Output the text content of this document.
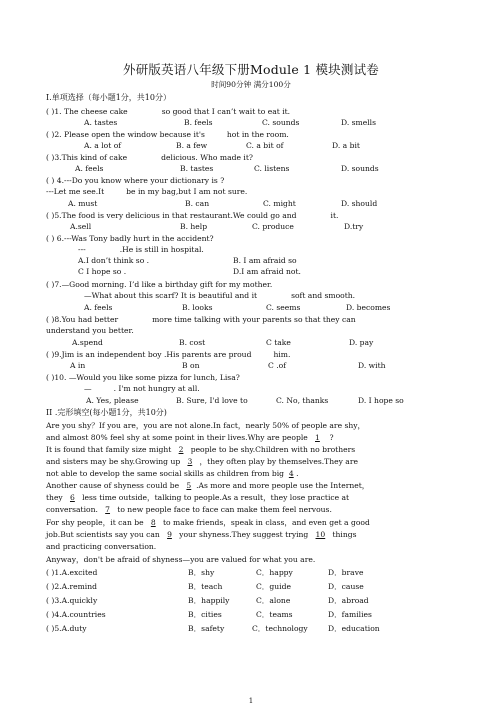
外研版英语八年级下册Module 1 模块测试卷
时间90分钟 满分100分
I.单项选择（每小题1分，共10分）
( )1. The cheese cake	so good that I can’t wait to eat it.
A. tastes	B. feels	C. sounds	D. smells
( )2. Please open the window because it's	hot in the room.
A. a lot of	B. a few	C. a bit of	D. a bit
( )3.This kind of cake	delicious. Who made it?
A. feels	B. tastes	C. listens	D. sounds
( ) 4.---Do you know where your dictionary is ?
---Let me see.It	be in my bag,but I am not sure.
A. must	B. can	C. might	D. should
( )5.The food is very delicious in that restaurant.We could go and	it.
A.sell	B. help	C. produce	D.try
( ) 6.---Was Tony badly hurt in the accident?
---	.He is still in hospital.
A.I don’t think so .	B. I am afraid so
C I hope so .	D.I am afraid not.
( )7.—Good morning. I’d like a birthday gift for my mother.
—What about this scarf? It is beautiful and it	soft and smooth.
A. feels	B. looks	C. seems	D. becomes
( )8.You had better	more time talking with your parents so that they can
understand you better.
A.spend	B. cost	C take	D. pay
( )9.Jim is an independent boy .His parents are proud	him.
A in	B on	C .of	D. with
( )10. —Would you like some pizza for lunch, Lisa?
—	. I'm not hungry at all.
A. Yes, please	B. Sure, I'd love to	C. No, thanks	D. I hope so
II .完形填空(每小题1分，共10分)
Are you shy？If you are，you are not alone.In fact，nearly 50% of people are shy，
and almost 80% feel shy at some point in their lives.Why are people 1 ?
It is found that family size might 2 people to be shy.Children with no brothers
and sisters may be shy.Growing up 3 ，they often play by themselves.They are
not able to develop the same social skills as children from big 4 .
Another cause of shyness could be 5 .As more and more people use the Internet，
they 6 less time outside，talking to people.As a result，they lose practice at
conversation. 7 to new people face to face can make them feel nervous.
For shy people，it can be 8 to make friends，speak in class，and even get a good
job.But scientists say you can 9 your shyness.They suggest trying 10 things
and practicing conversation.
Anyway，don't be afraid of shyness—you are valued for what you are.
( )1.A.excited	B．shy	C．happy	D．brave
( )2.A.remind	B．teach	C．guide	D．cause
( )3.A.quickly	B．happily	C．alone	D．abroad
( )4.A.countries	B．cities	C．teams	D．families
( )5.A.duty	B．safety	C．technology	D．education
1
